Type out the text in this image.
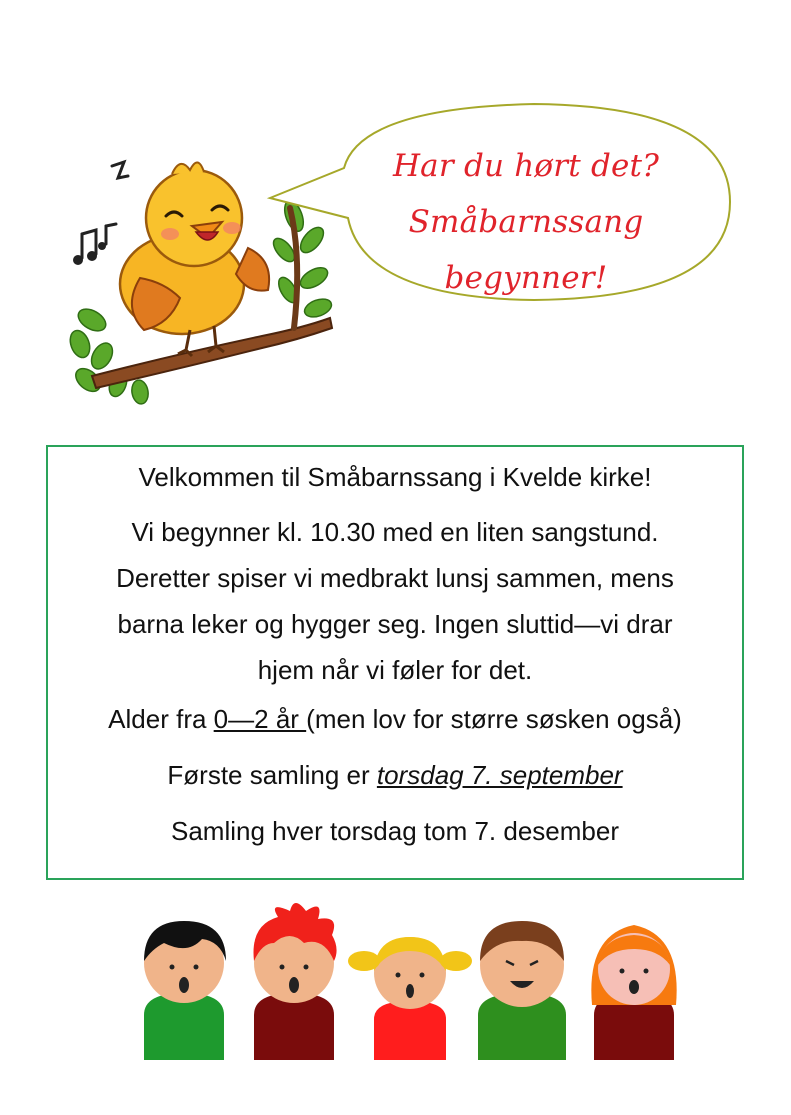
Har du hørt det?
Småbarnssang begynner!

Velkommen til Småbarnssang i Kvelde kirke!

Vi begynner kl. 10.30 med en liten sangstund.
Deretter spiser vi medbrakt lunsj sammen, mens
barna leker og hygger seg. Ingen sluttid—vi drar
hjem når vi føler for det.

Alder fra 0—2 år (men lov for større søsken også)

Første samling er torsdag 7. september

Samling hver torsdag tom 7. desember
